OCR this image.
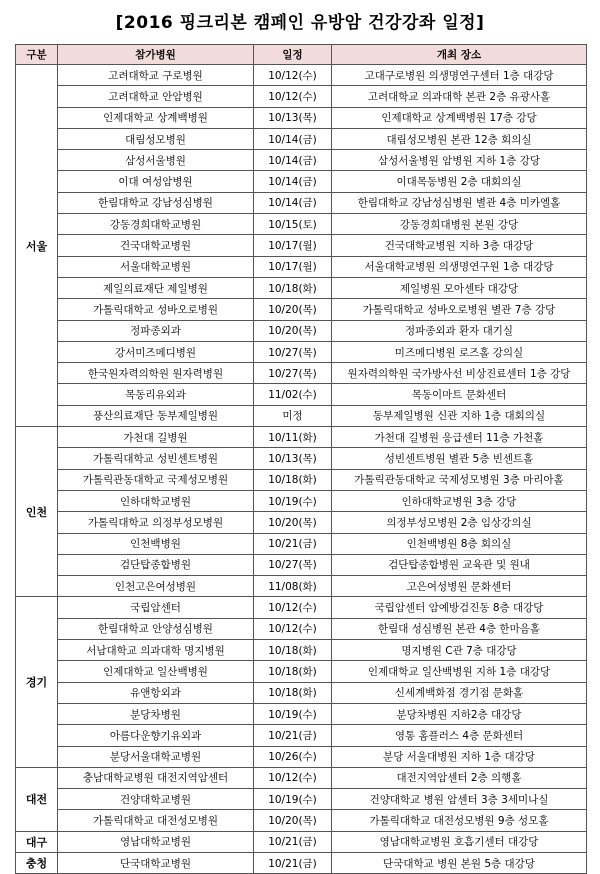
[2016 핑크리본 캠페인 유방암 건강강좌 일정]
구분	참가병원	일정	개최 장소
서울	고려대학교 구로병원	10/12(수)	고대구로병원 의생명연구센터 1층 대강당
	고려대학교 안암병원	10/12(수)	고려대학교 의과대학 본관 2층 유광사홀
	인제대학교 상계백병원	10/13(목)	인제대학교 상계백병원 17층 강당
	대림성모병원	10/14(금)	대림성모병원 본관 12층 회의실
	삼성서울병원	10/14(금)	삼성서울병원 암병원 지하 1층 강당
	이대 여성암병원	10/14(금)	이대목동병원 2층 대회의실
	한림대학교 강남성심병원	10/14(금)	한림대학교 강남성심병원 별관 4층 미카엘홀
	강동경희대학교병원	10/15(토)	강동경희대병원 본원 강당
	건국대학교병원	10/17(월)	건국대학교병원 지하 3층 대강당
	서울대학교병원	10/17(월)	서울대학교병원 의생명연구원 1층 대강당
	제일의료재단 제일병원	10/18(화)	제일병원 모아센타 대강당
	가톨릭대학교 성바오로병원	10/20(목)	가톨릭대학교 성바오로병원 별관 7층 강당
	정파종외과	10/20(목)	정파종외과 환자 대기실
	강서미즈메디병원	10/27(목)	미즈메디병원 로즈홀 강의실
	한국원자력의학원 원자력병원	10/27(목)	원자력의학원 국가방사선 비상진료센터 1층 강당
	목동리유외과	11/02(수)	목동이마트 문화센터
	풍산의료재단 동부제일병원	미정	동부제일병원 신관 지하 1층 대회의실
인천	가천대 길병원	10/11(화)	가천대 길병원 응급센터 11층 가천홀
	가톨릭대학교 성빈센트병원	10/13(목)	성빈센트병원 별관 5층 빈센트홀
	가톨릭관동대학교 국제성모병원	10/18(화)	가톨릭관동대학교 국제성모병원 3층 마리아홀
	인하대학교병원	10/19(수)	인하대학교병원 3층 강당
	가톨릭대학교 의정부성모병원	10/20(목)	의정부성모병원 2층 임상강의실
	인천백병원	10/21(금)	인천백병원 8층 회의실
	검단탑종합병원	10/27(목)	검단탑종합병원 교육관 및 원내
	인천고은여성병원	11/08(화)	고은여성병원 문화센터
경기	국립암센터	10/12(수)	국립암센터 암예방검진동 8층 대강당
	한림대학교 안양성심병원	10/12(수)	한림대 성심병원 본관 4층 한마음홀
	서남대학교 의과대학 명지병원	10/18(화)	명지병원 C관 7층 대강당
	인제대학교 일산백병원	10/18(화)	인제대학교 일산백병원 지하 1층 대강당
	유앤항외과	10/18(화)	신세계백화점 경기점 문화홀
	분당차병원	10/19(수)	분당차병원 지하2층 대강당
	아름다운향기유외과	10/21(금)	영통 홈플러스 4층 문화센터
	분당서울대학교병원	10/26(수)	분당 서울대병원 지하 1층 대강당
대전	충남대학교병원 대전지역암센터	10/12(수)	대전지역암센터 2층 의행홀
	건양대학교병원	10/19(수)	건양대학교 병원 암센터 3층 3세미나실
	가톨릭대학교 대전성모병원	10/20(목)	가톨릭대학교 대전성모병원 9층 성모홀
대구	영남대학교병원	10/21(금)	영남대학교병원 호흡기센터 대강당
충청	단국대학교병원	10/21(금)	단국대학교 병원 본원 5층 대강당
